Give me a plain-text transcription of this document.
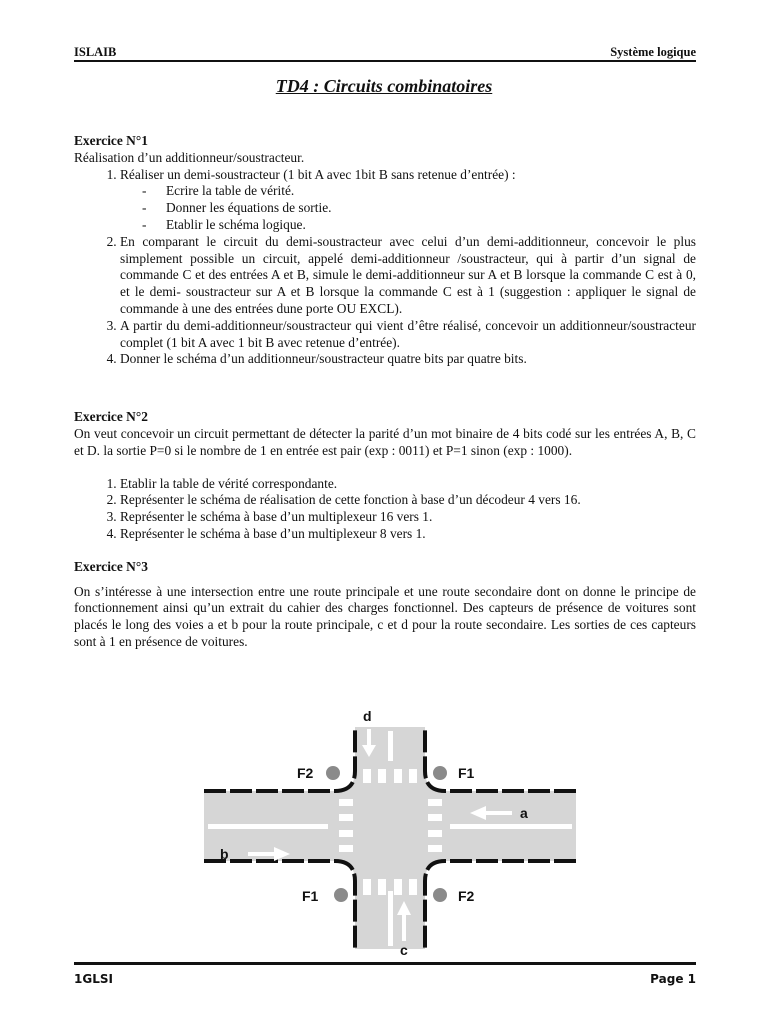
ISLAIB	Système logique
TD4 : Circuits combinatoires

Exercice N°1

Réalisation d’un additionneur/soustracteur.

1. Réaliser un demi-soustracteur (1 bit A avec 1bit B sans retenue d’entrée) :
- Ecrire la table de vérité.
- Donner les équations de sortie.
- Etablir le schéma logique.
2. En comparant le circuit du demi-soustracteur avec celui d’un demi-additionneur, concevoir le plus simplement possible un circuit, appelé demi-additionneur /soustracteur, qui à partir d’un signal de commande C et des entrées A et B, simule le demi-additionneur sur A et B lorsque la commande C est à 0, et le demi- soustracteur sur A et B lorsque la commande C est à 1 (suggestion : appliquer le signal de commande à une des entrées dune porte OU EXCL).
3. A partir du demi-additionneur/soustracteur qui vient d’être réalisé, concevoir un additionneur/soustracteur complet (1 bit A avec 1 bit B avec retenue d’entrée).
4. Donner le schéma d’un additionneur/soustracteur quatre bits par quatre bits.

Exercice N°2

On veut concevoir un circuit permettant de détecter la parité d’un mot binaire de 4 bits codé sur les entrées A, B, C et D. la sortie P=0 si le nombre de 1 en entrée est pair (exp : 0011) et P=1 sinon (exp : 1000).

1. Etablir la table de vérité correspondante.
2. Représenter le schéma de réalisation de cette fonction à base d’un décodeur 4 vers 16.
3. Représenter le schéma à base d’un multiplexeur 16 vers 1.
4. Représenter le schéma à base d’un multiplexeur 8 vers 1.

Exercice N°3

On s’intéresse à une intersection entre une route principale et une route secondaire dont on donne le principe de fonctionnement ainsi qu’un extrait du cahier des charges fonctionnel. Des capteurs de présence de voitures sont placés le long des voies a et b pour la route principale, c et d pour la route secondaire. Les sorties de ces capteurs sont à 1 en présence de voitures.

d
c
a
b
F2	F1
F1	F2
1GLSI	Page 1
